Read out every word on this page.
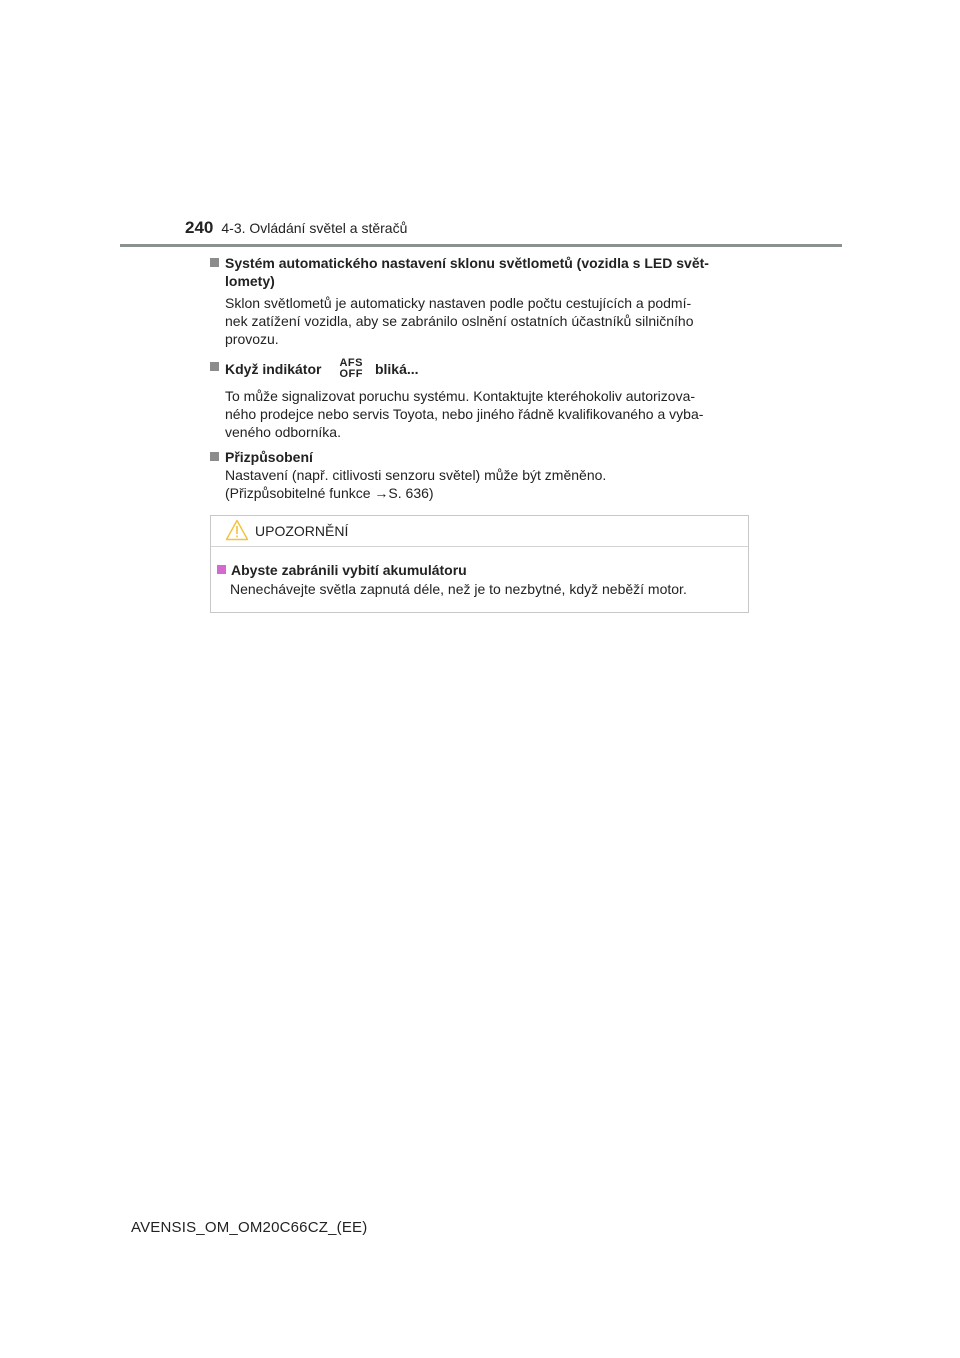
240 4-3. Ovládání světel a stěračů
Systém automatického nastavení sklonu světlometů (vozidla s LED svět-
lomety)
Sklon světlometů je automaticky nastaven podle počtu cestujících a podmí-
nek zatížení vozidla, aby se zabránilo oslnění ostatních účastníků silničního
provozu.
Když indikátor AFS
OFF bliká...
To může signalizovat poruchu systému. Kontaktujte kteréhokoliv autorizova-
ného prodejce nebo servis Toyota, nebo jiného řádně kvalifikovaného a vyba-
veného odborníka.
Přizpůsobení
Nastavení (např. citlivosti senzoru světel) může být změněno.
(Přizpůsobitelné funkce →S. 636)
UPOZORNĚNÍ
Abyste zabránili vybití akumulátoru
Nenechávejte světla zapnutá déle, než je to nezbytné, když neběží motor.
AVENSIS_OM_OM20C66CZ_(EE)
